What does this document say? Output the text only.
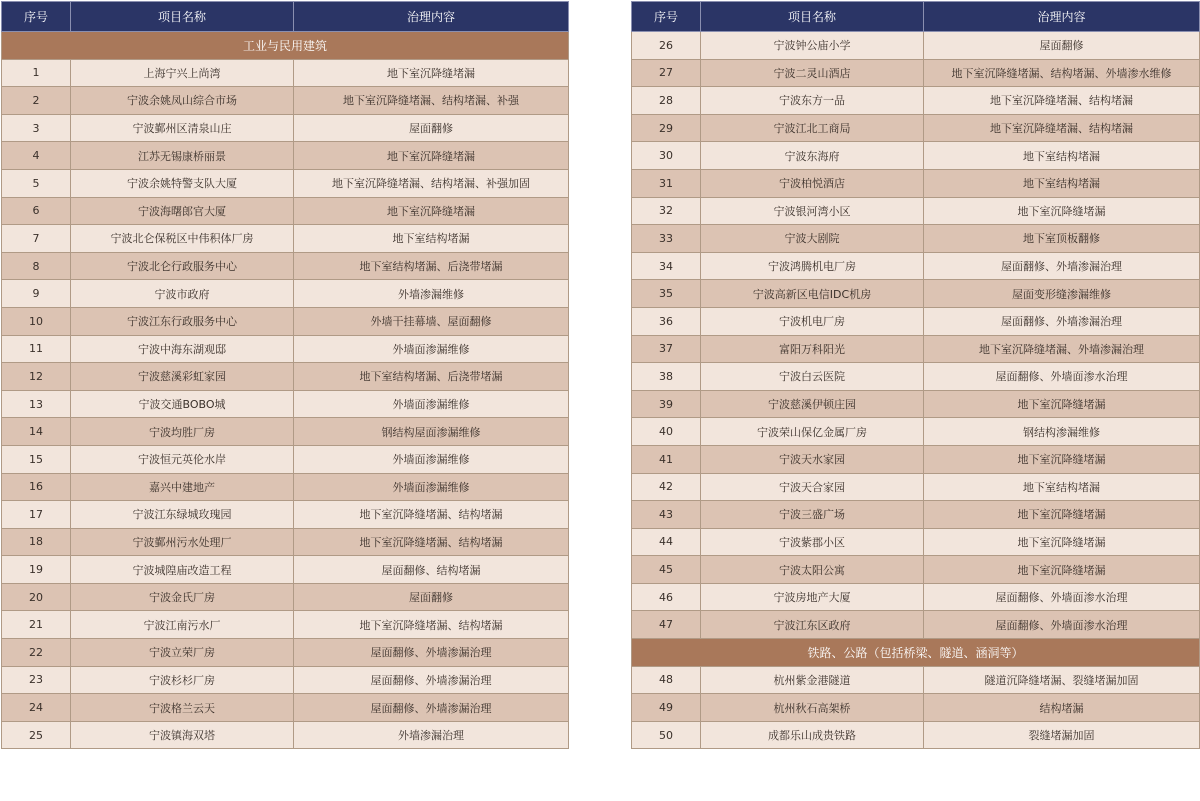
序号	项目名称	治理内容
工业与民用建筑		
1	上海宁兴上尚湾	地下室沉降缝堵漏
2	宁波余姚凤山综合市场	地下室沉降缝堵漏、结构堵漏、补强
3	宁波鄞州区清泉山庄	屋面翻修
4	江苏无锡康桥丽景	地下室沉降缝堵漏
5	宁波余姚特警支队大厦	地下室沉降缝堵漏、结构堵漏、补强加固
6	宁波海曙郎官大厦	地下室沉降缝堵漏
7	宁波北仑保税区中伟积体厂房	地下室结构堵漏
8	宁波北仑行政服务中心	地下室结构堵漏、后浇带堵漏
9	宁波市政府	外墙渗漏维修
10	宁波江东行政服务中心	外墙干挂幕墙、屋面翻修
11	宁波中海东湖观邸	外墙面渗漏维修
12	宁波慈溪彩虹家园	地下室结构堵漏、后浇带堵漏
13	宁波交通BOBO城	外墙面渗漏维修
14	宁波均胜厂房	钢结构屋面渗漏维修
15	宁波恒元英伦水岸	外墙面渗漏维修
16	嘉兴中建地产	外墙面渗漏维修
17	宁波江东绿城玫瑰园	地下室沉降缝堵漏、结构堵漏
18	宁波鄞州污水处理厂	地下室沉降缝堵漏、结构堵漏
19	宁波城隍庙改造工程	屋面翻修、结构堵漏
20	宁波金氏厂房	屋面翻修
21	宁波江南污水厂	地下室沉降缝堵漏、结构堵漏
22	宁波立荣厂房	屋面翻修、外墙渗漏治理
23	宁波杉杉厂房	屋面翻修、外墙渗漏治理
24	宁波格兰云天	屋面翻修、外墙渗漏治理
25	宁波镇海双塔	外墙渗漏治理
序号	项目名称	治理内容
26	宁波钟公庙小学	屋面翻修
27	宁波二灵山酒店	地下室沉降缝堵漏、结构堵漏、外墙渗水维修
28	宁波东方一品	地下室沉降缝堵漏、结构堵漏
29	宁波江北工商局	地下室沉降缝堵漏、结构堵漏
30	宁波东海府	地下室结构堵漏
31	宁波柏悦酒店	地下室结构堵漏
32	宁波银河湾小区	地下室沉降缝堵漏
33	宁波大剧院	地下室顶板翻修
34	宁波鸿腾机电厂房	屋面翻修、外墙渗漏治理
35	宁波高新区电信IDC机房	屋面变形缝渗漏维修
36	宁波机电厂房	屋面翻修、外墙渗漏治理
37	富阳万科阳光	地下室沉降缝堵漏、外墙渗漏治理
38	宁波白云医院	屋面翻修、外墙面渗水治理
39	宁波慈溪伊顿庄园	地下室沉降缝堵漏
40	宁波荣山保亿金属厂房	钢结构渗漏维修
41	宁波天水家园	地下室沉降缝堵漏
42	宁波天合家园	地下室结构堵漏
43	宁波三盛广场	地下室沉降缝堵漏
44	宁波紫郡小区	地下室沉降缝堵漏
45	宁波太阳公寓	地下室沉降缝堵漏
46	宁波房地产大厦	屋面翻修、外墙面渗水治理
47	宁波江东区政府	屋面翻修、外墙面渗水治理
铁路、公路（包括桥梁、隧道、涵洞等）		
48	杭州紫金港隧道	隧道沉降缝堵漏、裂缝堵漏加固
49	杭州秋石高架桥	结构堵漏
50	成都乐山成贵铁路	裂缝堵漏加固
